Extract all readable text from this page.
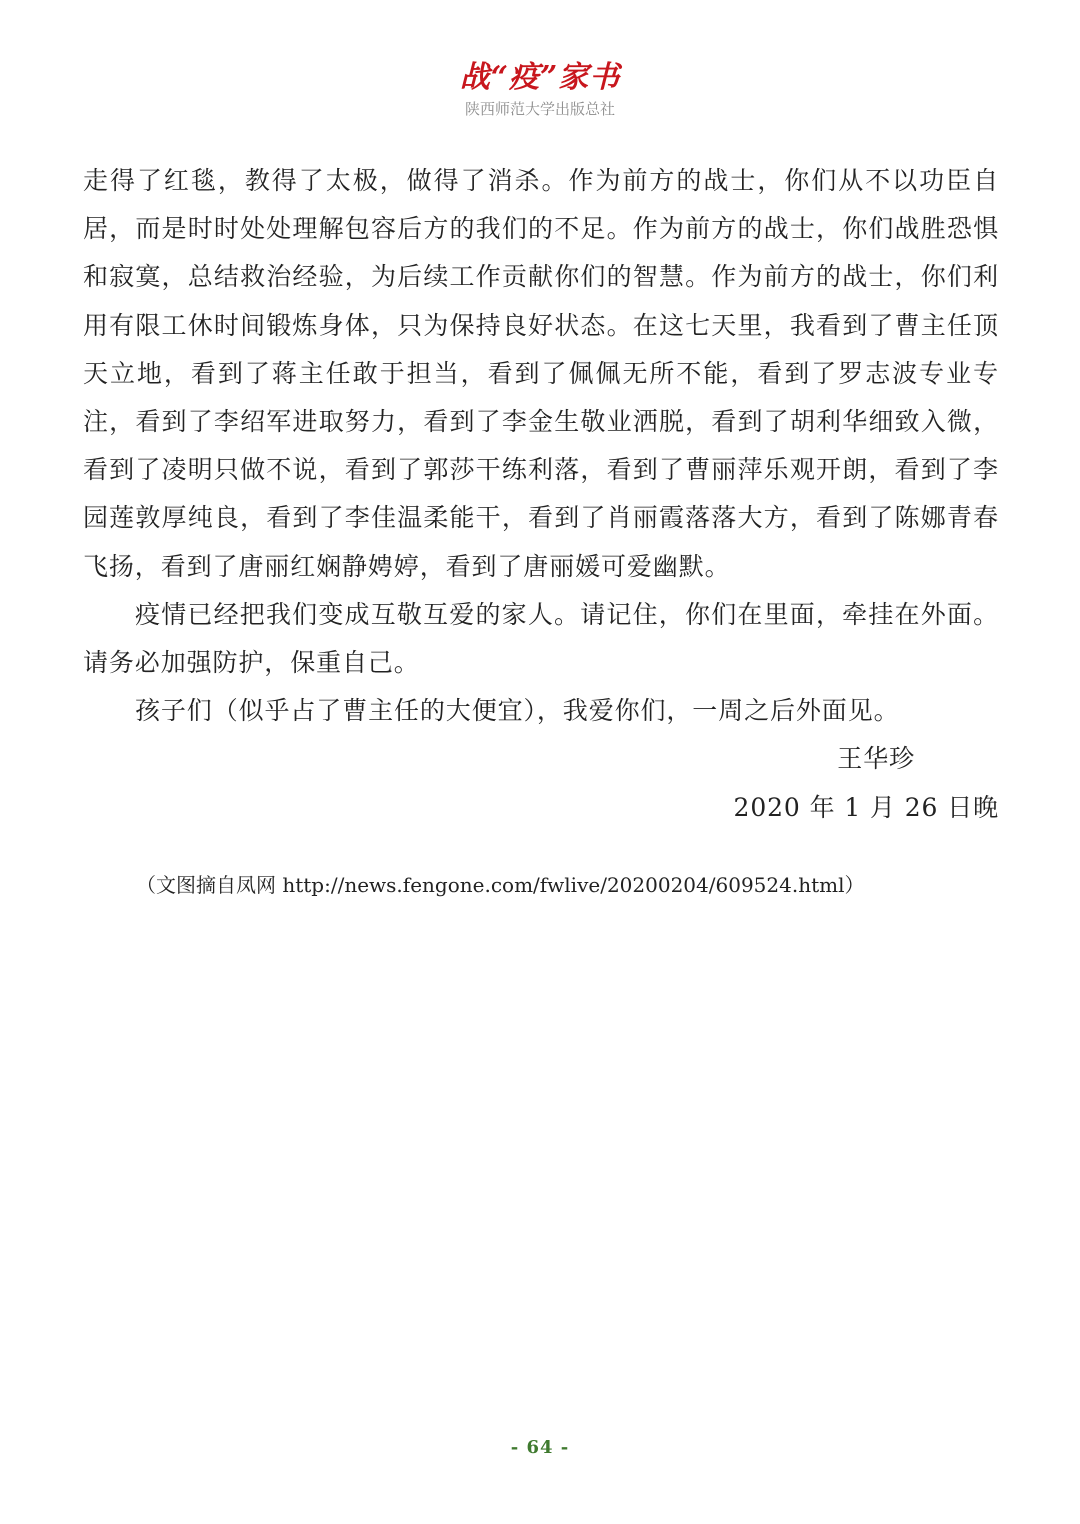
战“疫”家书
陕西师范大学出版总社

走得了红毯，教得了太极，做得了消杀。作为前方的战士，你们从不以功臣自居，而是时时处处理解包容后方的我们的不足。作为前方的战士，你们战胜恐惧和寂寞，总结救治经验，为后续工作贡献你们的智慧。作为前方的战士，你们利用有限工休时间锻炼身体，只为保持良好状态。在这七天里，我看到了曹主任顶天立地，看到了蒋主任敢于担当，看到了佩佩无所不能，看到了罗志波专业专注，看到了李绍军进取努力，看到了李金生敬业洒脱，看到了胡利华细致入微，看到了凌明只做不说，看到了郭莎干练利落，看到了曹丽萍乐观开朗，看到了李园莲敦厚纯良，看到了李佳温柔能干，看到了肖丽霞落落大方，看到了陈娜青春飞扬，看到了唐丽红娴静娉婷，看到了唐丽媛可爱幽默。

疫情已经把我们变成互敬互爱的家人。请记住，你们在里面，牵挂在外面。请务必加强防护，保重自己。

孩子们（似乎占了曹主任的大便宜），我爱你们，一周之后外面见。

王华珍

2020 年 1 月 26 日晚

（文图摘自凤网 http://news.fengone.com/fwlive/20200204/609524.html）
- 64 -
